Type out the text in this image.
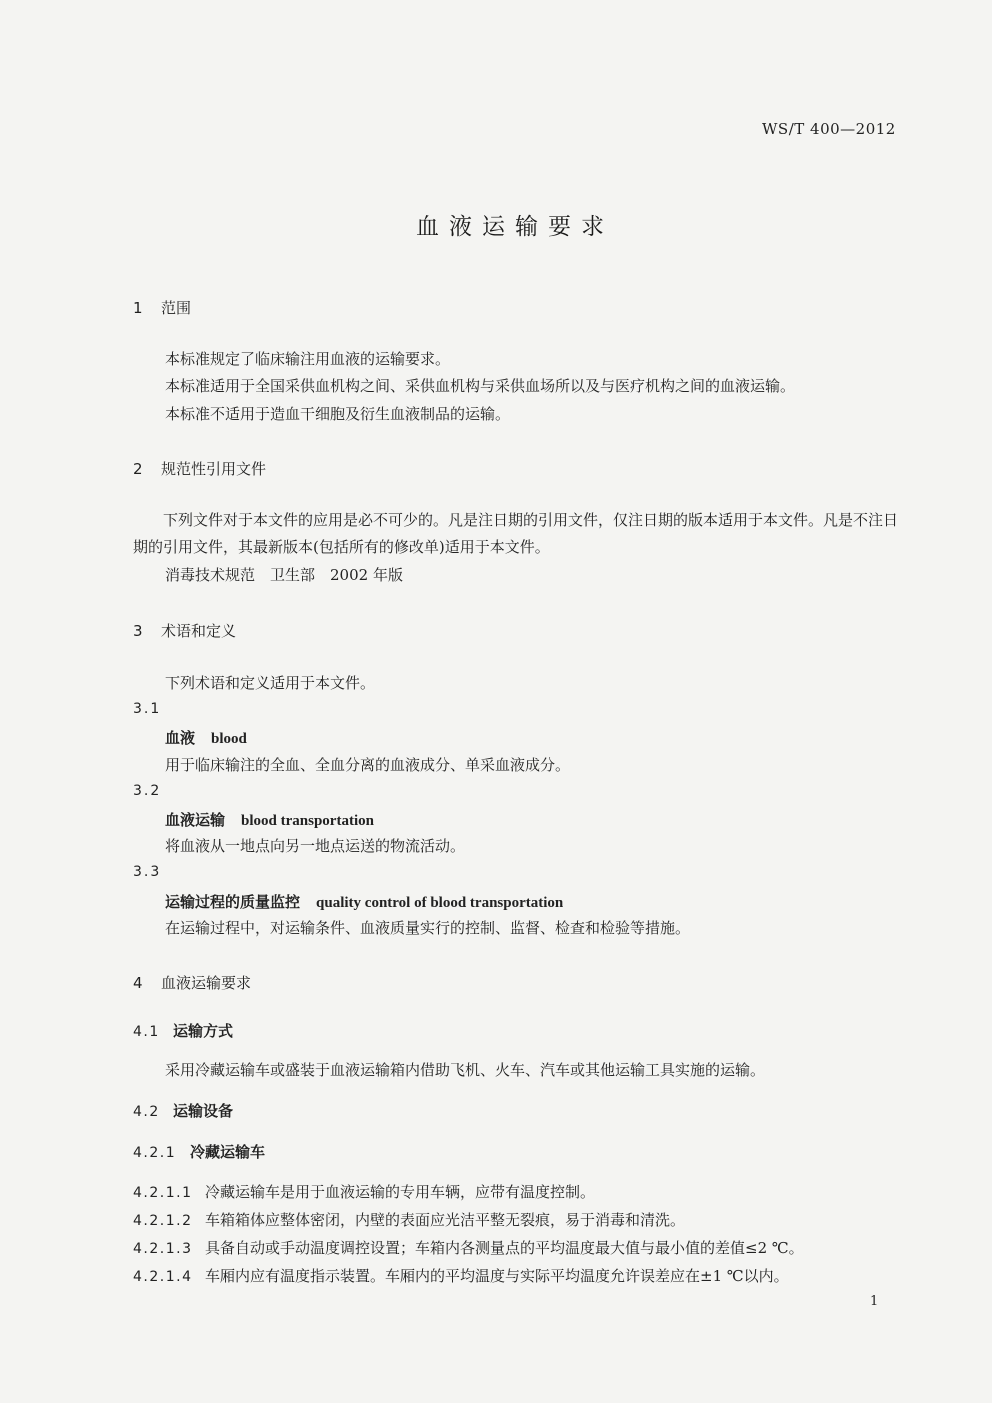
WS/T 400—2012
血液运输要求
1 范围
本标准规定了临床输注用血液的运输要求。
本标准适用于全国采供血机构之间、采供血机构与采供血场所以及与医疗机构之间的血液运输。
本标准不适用于造血干细胞及衍生血液制品的运输。
2 规范性引用文件
下列文件对于本文件的应用是必不可少的。凡是注日期的引用文件，仅注日期的版本适用于本文件。凡是不注日期的引用文件，其最新版本(包括所有的修改单)适用于本文件。
消毒技术规范　卫生部　2002 年版
3 术语和定义
下列术语和定义适用于本文件。
3.1
血液 blood
用于临床输注的全血、全血分离的血液成分、单采血液成分。
3.2
血液运输 blood transportation
将血液从一地点向另一地点运送的物流活动。
3.3
运输过程的质量监控 quality control of blood transportation
在运输过程中，对运输条件、血液质量实行的控制、监督、检查和检验等措施。
4 血液运输要求
4.1 运输方式
采用冷藏运输车或盛装于血液运输箱内借助飞机、火车、汽车或其他运输工具实施的运输。
4.2 运输设备
4.2.1 冷藏运输车
4.2.1.1 冷藏运输车是用于血液运输的专用车辆，应带有温度控制。
4.2.1.2 车箱箱体应整体密闭，内壁的表面应光洁平整无裂痕，易于消毒和清洗。
4.2.1.3 具备自动或手动温度调控设置；车箱内各测量点的平均温度最大值与最小值的差值≤2 ℃。
4.2.1.4 车厢内应有温度指示装置。车厢内的平均温度与实际平均温度允许误差应在±1 ℃以内。
1
